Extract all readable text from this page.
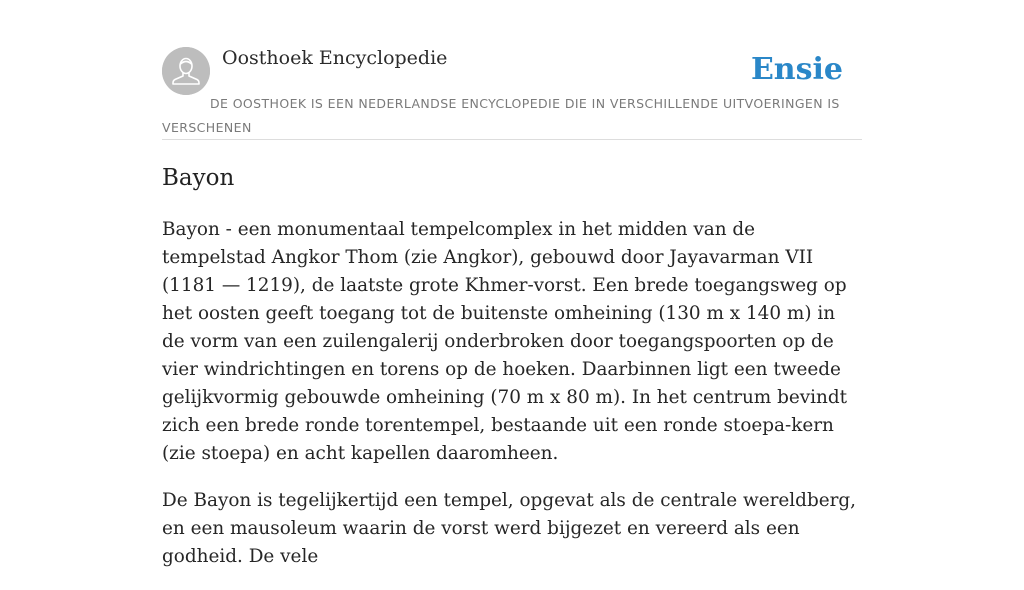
Oosthoek Encyclopedie	Ensie
DE OOSTHOEK IS EEN NEDERLANDSE ENCYCLOPEDIE DIE IN VERSCHILLENDE UITVOERINGEN IS VERSCHENEN
Bayon

Bayon - een monumentaal tempelcomplex in het midden van de tempelstad Angkor Thom (zie Angkor), gebouwd door Jayavarman VII (1181 — 1219), de laatste grote Khmer-vorst. Een brede toegangsweg op het oosten geeft toegang tot de buitenste omheining (130 m x 140 m) in de vorm van een zuilengalerij onderbroken door toegangspoorten op de vier windrichtingen en torens op de hoeken. Daarbinnen ligt een tweede gelijkvormig gebouwde omheining (70 m x 80 m). In het centrum bevindt zich een brede ronde torentempel, bestaande uit een ronde stoepa-kern (zie stoepa) en acht kapellen daaromheen.

De Bayon is tegelijkertijd een tempel, opgevat als de centrale wereldberg, en een mausoleum waarin de vorst werd bijgezet en vereerd als een godheid. De vele
